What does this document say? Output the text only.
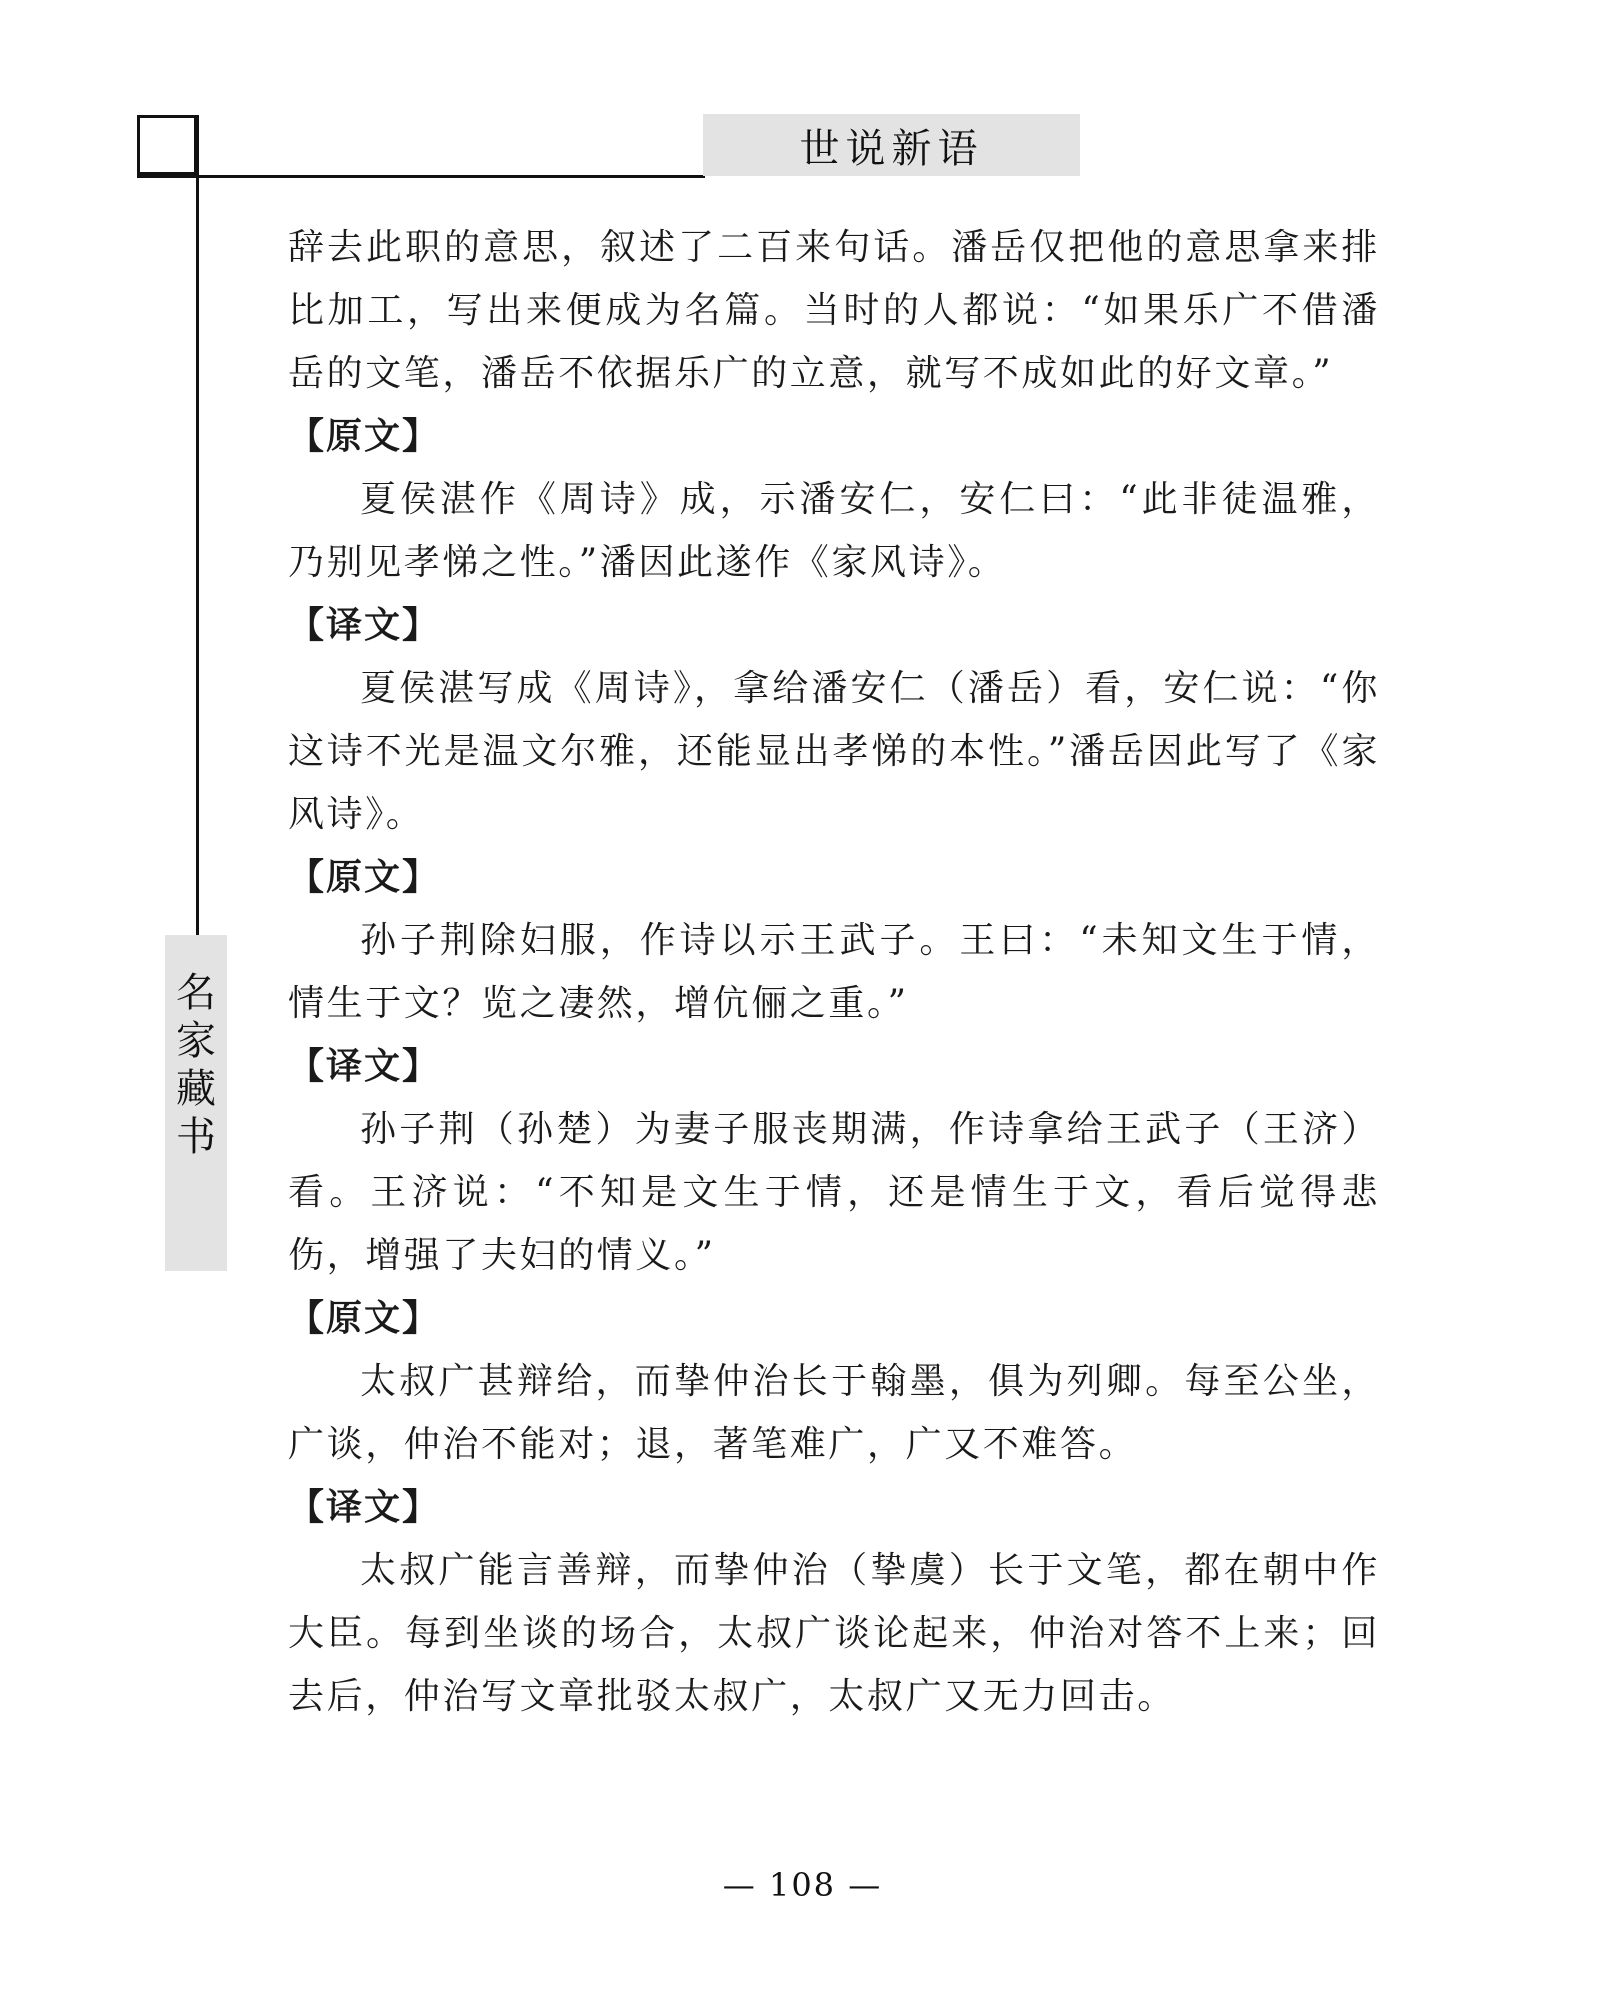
世说新语
名
家
藏
书

辞去此职的意思，叙述了二百来句话。潘岳仅把他的意思拿来排比加工，写出来便成为名篇。当时的人都说：“如果乐广不借潘岳的文笔，潘岳不依据乐广的立意，就写不成如此的好文章。”

【原文】

夏侯湛作《周诗》成，示潘安仁，安仁曰：“此非徒温雅，乃别见孝悌之性。”潘因此遂作《家风诗》。

【译文】

夏侯湛写成《周诗》，拿给潘安仁（潘岳）看，安仁说：“你这诗不光是温文尔雅，还能显出孝悌的本性。”潘岳因此写了《家风诗》。

【原文】

孙子荆除妇服，作诗以示王武子。王曰：“未知文生于情，情生于文？览之凄然，增伉俪之重。”

【译文】

孙子荆（孙楚）为妻子服丧期满，作诗拿给王武子（王济）看。王济说：“不知是文生于情，还是情生于文，看后觉得悲伤，增强了夫妇的情义。”

【原文】

太叔广甚辩给，而挚仲治长于翰墨，俱为列卿。每至公坐，广谈，仲治不能对；退，著笔难广，广又不难答。

【译文】

太叔广能言善辩，而挚仲治（挚虞）长于文笔，都在朝中作大臣。每到坐谈的场合，太叔广谈论起来，仲治对答不上来；回去后，仲治写文章批驳太叔广，太叔广又无力回击。

— 108 —
